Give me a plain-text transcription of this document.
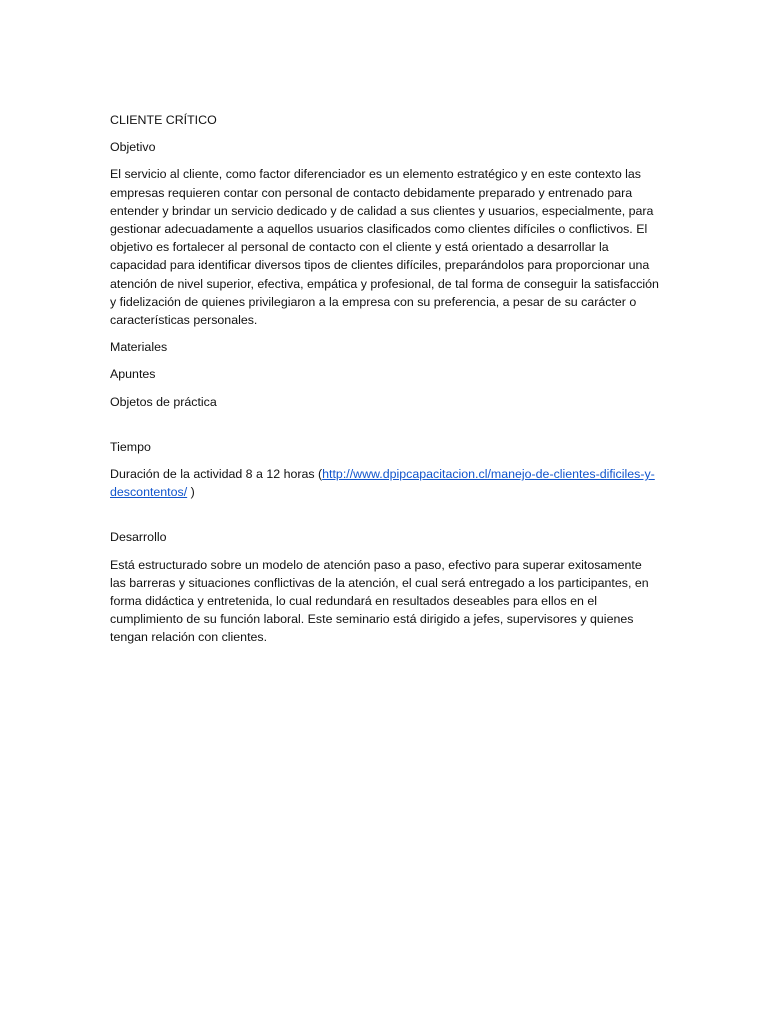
CLIENTE CRÍTICO

Objetivo

El servicio al cliente, como factor diferenciador es un elemento estratégico y en este contexto las empresas requieren contar con personal de contacto debidamente preparado y entrenado para entender y brindar un servicio dedicado y de calidad a sus clientes y usuarios, especialmente, para gestionar adecuadamente a aquellos usuarios clasificados como clientes difíciles o conflictivos. El objetivo es fortalecer al personal de contacto con el cliente y está orientado a desarrollar la capacidad para identificar diversos tipos de clientes difíciles, preparándolos para proporcionar una atención de nivel superior, efectiva, empática y profesional, de tal forma de conseguir la satisfacción y fidelización de quienes privilegiaron a la empresa con su preferencia, a pesar de su carácter o características personales.

Materiales

Apuntes

Objetos de práctica

Tiempo

Duración de la actividad 8 a 12 horas (http://www.dpipcapacitacion.cl/manejo-de-clientes-dificiles-y-descontentos/ )

Desarrollo

Está estructurado sobre un modelo de atención paso a paso, efectivo para superar exitosamente las barreras y situaciones conflictivas de la atención, el cual será entregado a los participantes, en forma didáctica y entretenida, lo cual redundará en resultados deseables para ellos en el cumplimiento de su función laboral. Este seminario está dirigido a jefes, supervisores y quienes tengan relación con clientes.
